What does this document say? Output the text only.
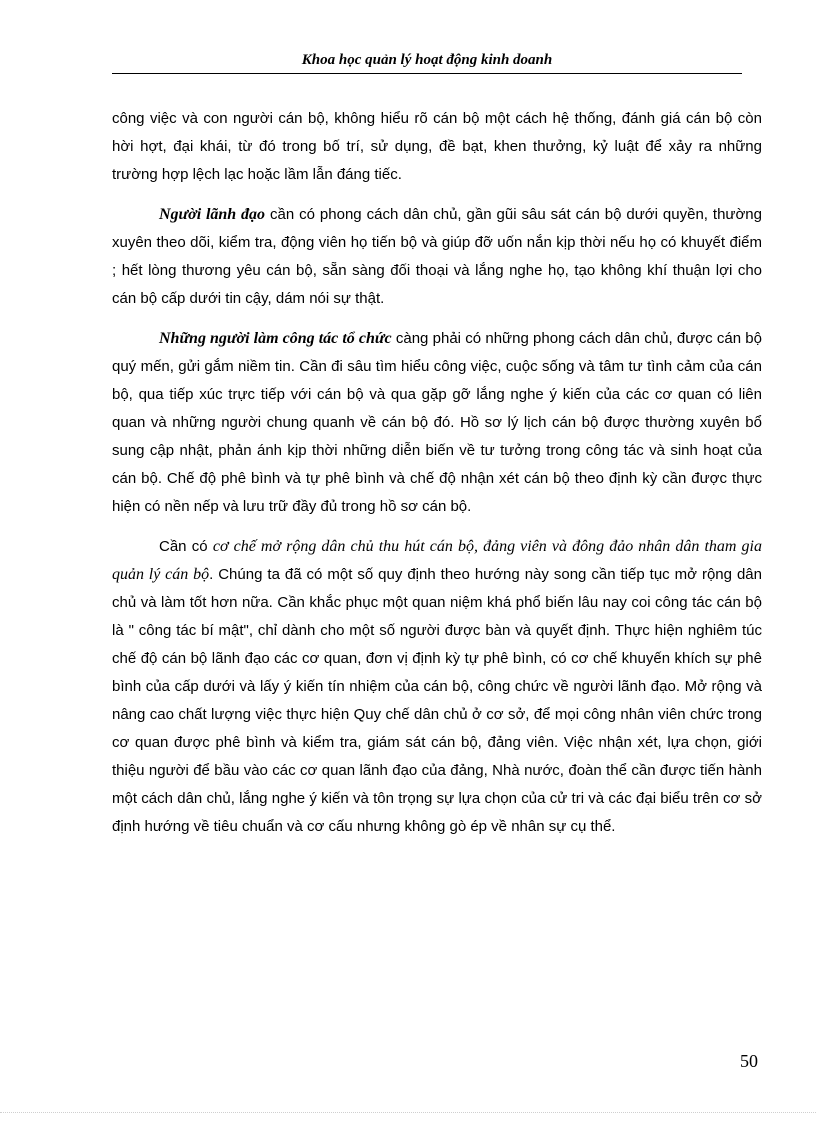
Khoa học quản lý hoạt động kinh doanh

công việc và con người cán bộ, không hiểu rõ cán bộ một cách hệ thống, đánh giá cán bộ còn hời hợt, đại khái, từ đó trong bố trí, sử dụng, đề bạt, khen thưởng, kỷ luật để xảy ra những trường hợp lệch lạc hoặc lầm lẫn đáng tiếc.

Người lãnh đạo cần có phong cách dân chủ, gần gũi sâu sát cán bộ dưới quyền, thường xuyên theo dõi, kiểm tra, động viên họ tiến bộ và giúp đỡ uốn nắn kịp thời nếu họ có khuyết điểm ; hết lòng thương yêu cán bộ, sẵn sàng đối thoại và lắng nghe họ, tạo không khí thuận lợi cho cán bộ cấp dưới tin cậy, dám nói sự thật.

Những người làm công tác tổ chức càng phải có những phong cách dân chủ, được cán bộ quý mến, gửi gắm niềm tin. Cần đi sâu tìm hiểu công việc, cuộc sống và tâm tư tình cảm của cán bộ, qua tiếp xúc trực tiếp với cán bộ và qua gặp gỡ lắng nghe ý kiến của các cơ quan có liên quan và những người chung quanh về cán bộ đó. Hồ sơ lý lịch cán bộ được thường xuyên bổ sung cập nhật, phản ánh kịp thời những diễn biến về tư tưởng trong công tác và sinh hoạt của cán bộ. Chế độ phê bình và tự phê bình và chế độ nhận xét cán bộ theo định kỳ cần được thực hiện có nền nếp và lưu trữ đầy đủ trong hồ sơ cán bộ.

Cần có cơ chế mở rộng dân chủ thu hút cán bộ, đảng viên và đông đảo nhân dân tham gia quản lý cán bộ. Chúng ta đã có một số quy định theo hướng này song cần tiếp tục mở rộng dân chủ và làm tốt hơn nữa. Cần khắc phục một quan niệm khá phổ biến lâu nay coi công tác cán bộ là " công tác bí mật", chỉ dành cho một số người được bàn và quyết định. Thực hiện nghiêm túc chế độ cán bộ lãnh đạo các cơ quan, đơn vị định kỳ tự phê bình, có cơ chế khuyến khích sự phê bình của cấp dưới và lấy ý kiến tín nhiệm của cán bộ, công chức về người lãnh đạo. Mở rộng và nâng cao chất lượng việc thực hiện Quy chế dân chủ ở cơ sở, để mọi công nhân viên chức trong cơ quan được phê bình và kiểm tra, giám sát cán bộ, đảng viên. Việc nhận xét, lựa chọn, giới thiệu người để bầu vào các cơ quan lãnh đạo của đảng, Nhà nước, đoàn thể cần được tiến hành một cách dân chủ, lắng nghe ý kiến và tôn trọng sự lựa chọn của cử tri và các đại biểu trên cơ sở định hướng về tiêu chuẩn và cơ cấu nhưng không gò ép về nhân sự cụ thể.

50
